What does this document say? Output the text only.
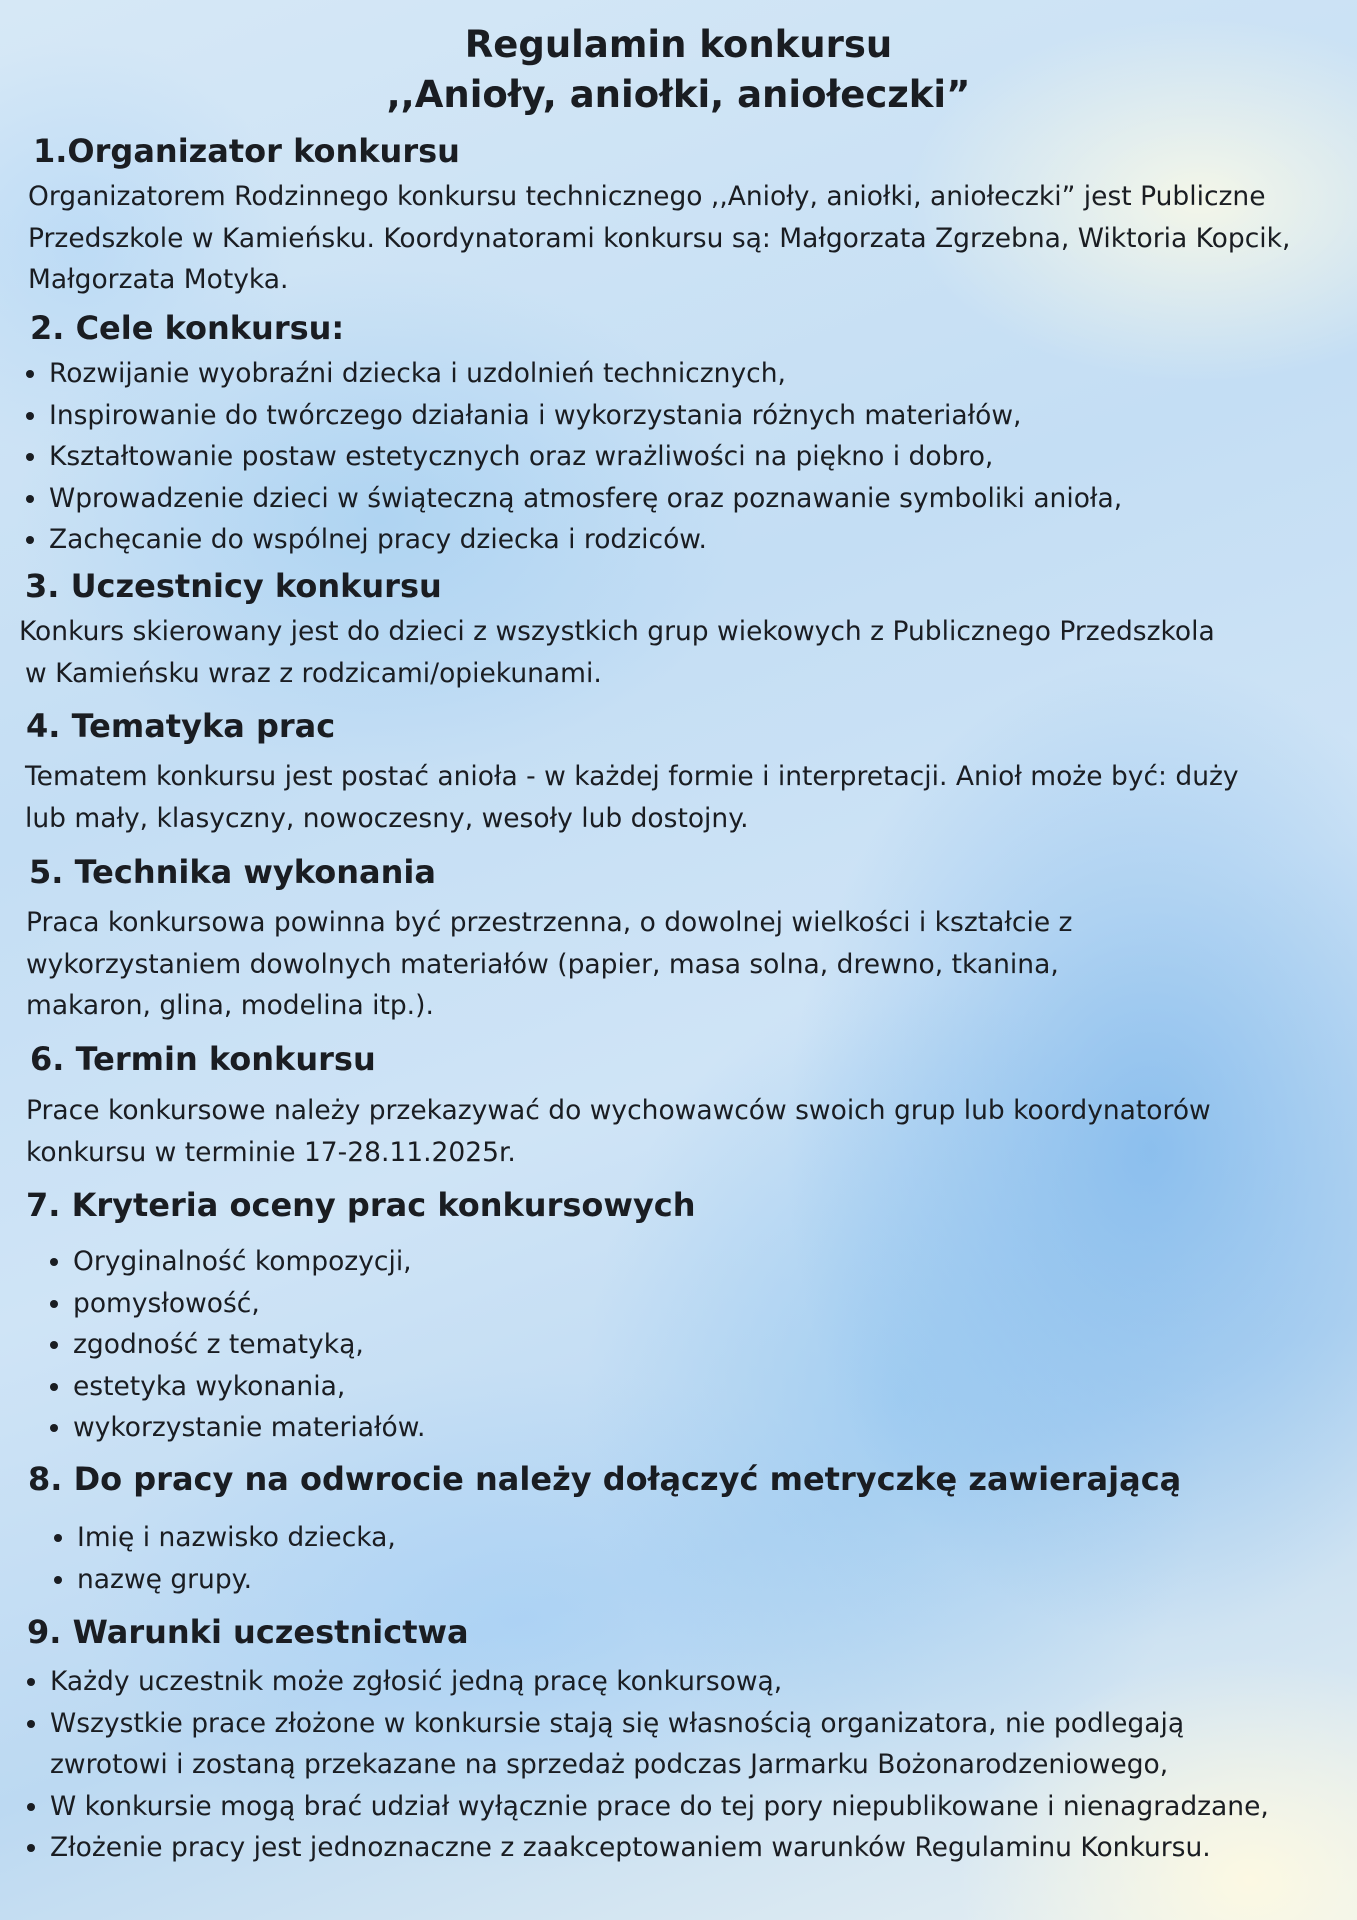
Regulamin konkursu
,,Anioły, aniołki, aniołeczki”
1.Organizator konkursu
Organizatorem Rodzinnego konkursu technicznego ,,Anioły, aniołki, aniołeczki” jest Publiczne
Przedszkole w Kamieńsku. Koordynatorami konkursu są: Małgorzata Zgrzebna, Wiktoria Kopcik,
Małgorzata Motyka.
2. Cele konkursu:
Rozwijanie wyobraźni dziecka i uzdolnień technicznych,
Inspirowanie do twórczego działania i wykorzystania różnych materiałów,
Kształtowanie postaw estetycznych oraz wrażliwości na piękno i dobro,
Wprowadzenie dzieci w świąteczną atmosferę oraz poznawanie symboliki anioła,
Zachęcanie do wspólnej pracy dziecka i rodziców.
3. Uczestnicy konkursu
Konkurs skierowany jest do dzieci z wszystkich grup wiekowych z Publicznego Przedszkola
w Kamieńsku wraz z rodzicami/opiekunami.
4. Tematyka prac
Tematem konkursu jest postać anioła - w każdej formie i interpretacji. Anioł może być: duży
lub mały, klasyczny, nowoczesny, wesoły lub dostojny.
5. Technika wykonania
Praca konkursowa powinna być przestrzenna, o dowolnej wielkości i kształcie z
wykorzystaniem dowolnych materiałów (papier, masa solna, drewno, tkanina,
makaron, glina, modelina itp.).
6. Termin konkursu
Prace konkursowe należy przekazywać do wychowawców swoich grup lub koordynatorów
konkursu w terminie 17-28.11.2025r.
7. Kryteria oceny prac konkursowych
Oryginalność kompozycji,
pomysłowość,
zgodność z tematyką,
estetyka wykonania,
wykorzystanie materiałów.
8. Do pracy na odwrocie należy dołączyć metryczkę zawierającą
Imię i nazwisko dziecka,
nazwę grupy.
9. Warunki uczestnictwa
Każdy uczestnik może zgłosić jedną pracę konkursową,
Wszystkie prace złożone w konkursie stają się własnością organizatora, nie podlegają
zwrotowi i zostaną przekazane na sprzedaż podczas Jarmarku Bożonarodzeniowego,
W konkursie mogą brać udział wyłącznie prace do tej pory niepublikowane i nienagradzane,
Złożenie pracy jest jednoznaczne z zaakceptowaniem warunków Regulaminu Konkursu.
